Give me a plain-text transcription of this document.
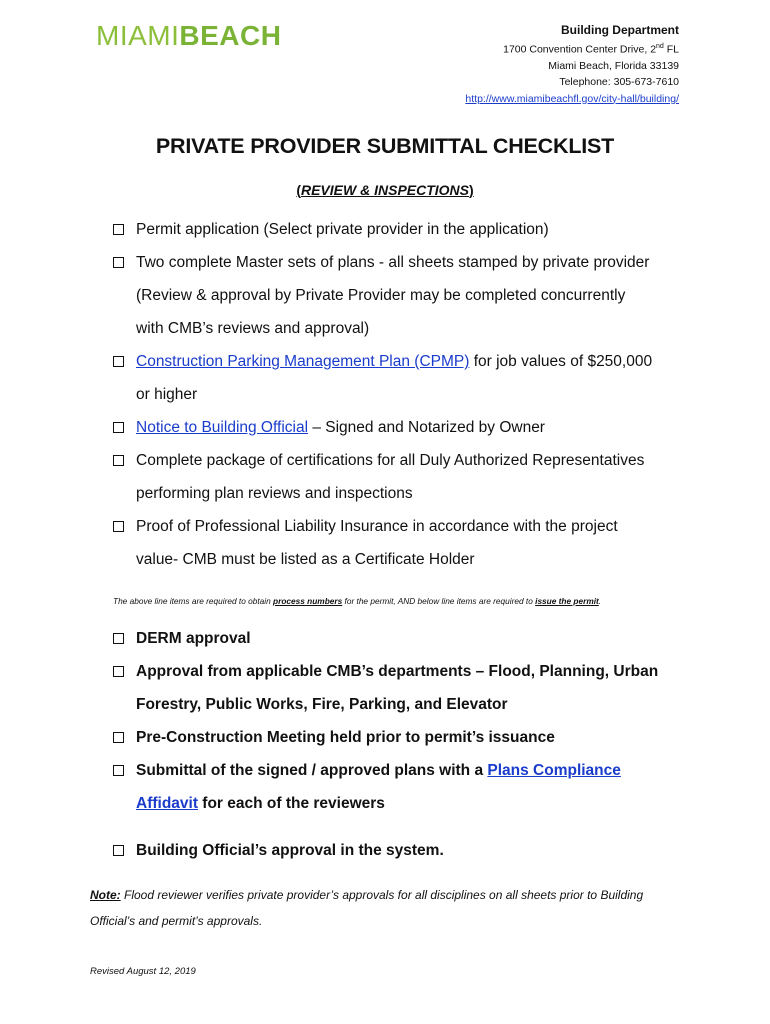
MIAMIBEACH	Building Department
1700 Convention Center Drive, 2nd FL
Miami Beach, Florida 33139
Telephone: 305-673-7610
http://www.miamibeachfl.gov/city-hall/building/
PRIVATE PROVIDER SUBMITTAL CHECKLIST
(REVIEW & INSPECTIONS)
Permit application (Select private provider in the application)
Two complete Master sets of plans - all sheets stamped by private provider
(Review & approval by Private Provider may be completed concurrently
with CMB’s reviews and approval)
Construction Parking Management Plan (CPMP) for job values of $250,000
or higher
Notice to Building Official – Signed and Notarized by Owner
Complete package of certifications for all Duly Authorized Representatives
performing plan reviews and inspections
Proof of Professional Liability Insurance in accordance with the project
value- CMB must be listed as a Certificate Holder
The above line items are required to obtain process numbers for the permit, AND below line items are required to issue the permit.
DERM approval
Approval from applicable CMB’s departments – Flood, Planning, Urban
Forestry, Public Works, Fire, Parking, and Elevator
Pre-Construction Meeting held prior to permit’s issuance
Submittal of the signed / approved plans with a Plans Compliance
Affidavit for each of the reviewers
Building Official’s approval in the system.
Note: Flood reviewer verifies private provider’s approvals for all disciplines on all sheets prior to Building
Official’s and permit’s approvals.
Revised August 12, 2019
